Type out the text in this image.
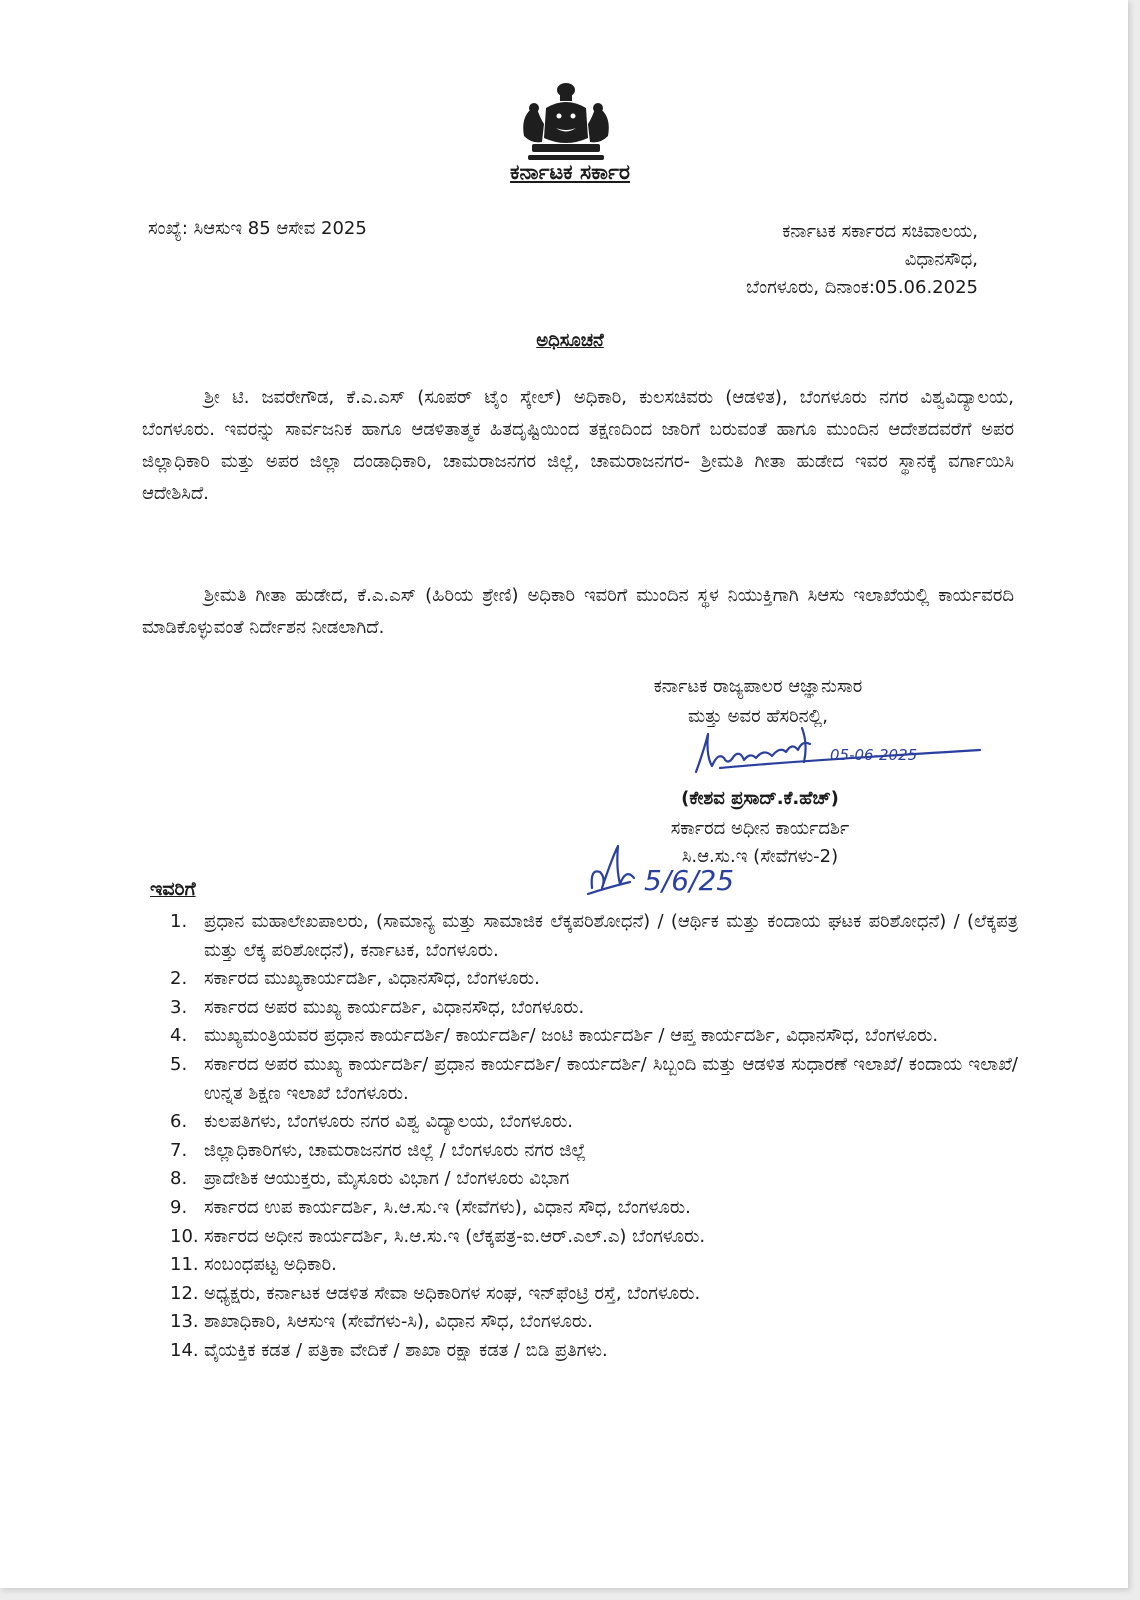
ಕರ್ನಾಟಕ ಸರ್ಕಾರ
ಸಂಖ್ಯೆ: ಸಿಆಸುಇ 85 ಆಸೇವ 2025	ಕರ್ನಾಟಕ ಸರ್ಕಾರದ ಸಚಿವಾಲಯ,
ವಿಧಾನಸೌಧ,
ಬೆಂಗಳೂರು, ದಿನಾಂಕ:05.06.2025
ಅಧಿಸೂಚನೆ
ಶ್ರೀ ಟಿ. ಜವರೇಗೌಡ, ಕೆ.ಎ.ಎಸ್ (ಸೂಪರ್ ಟೈಂ ಸ್ಕೇಲ್) ಅಧಿಕಾರಿ, ಕುಲಸಚಿವರು (ಆಡಳಿತ), ಬೆಂಗಳೂರು ನಗರ ವಿಶ್ವವಿದ್ಯಾಲಯ, ಬೆಂಗಳೂರು. ಇವರನ್ನು ಸಾರ್ವಜನಿಕ ಹಾಗೂ ಆಡಳಿತಾತ್ಮಕ ಹಿತದೃಷ್ಟಿಯಿಂದ ತಕ್ಷಣದಿಂದ ಜಾರಿಗೆ ಬರುವಂತೆ ಹಾಗೂ ಮುಂದಿನ ಆದೇಶದವರೆಗೆ ಅಪರ ಜಿಲ್ಲಾಧಿಕಾರಿ ಮತ್ತು ಅಪರ ಜಿಲ್ಲಾ ದಂಡಾಧಿಕಾರಿ, ಚಾಮರಾಜನಗರ ಜಿಲ್ಲೆ, ಚಾಮರಾಜನಗರ- ಶ್ರೀಮತಿ ಗೀತಾ ಹುಡೇದ ಇವರ ಸ್ಥಾನಕ್ಕೆ ವರ್ಗಾಯಿಸಿ ಆದೇಶಿಸಿದೆ.
ಶ್ರೀಮತಿ ಗೀತಾ ಹುಡೇದ, ಕೆ.ಎ.ಎಸ್ (ಹಿರಿಯ ಶ್ರೇಣಿ) ಅಧಿಕಾರಿ ಇವರಿಗೆ ಮುಂದಿನ ಸ್ಥಳ ನಿಯುಕ್ತಿಗಾಗಿ ಸಿಆಸು ಇಲಾಖೆಯಲ್ಲಿ ಕಾರ್ಯವರದಿ ಮಾಡಿಕೊಳ್ಳುವಂತೆ ನಿರ್ದೇಶನ ನೀಡಲಾಗಿದೆ.
ಕರ್ನಾಟಕ ರಾಜ್ಯಪಾಲರ ಆಜ್ಞಾನುಸಾರ
ಮತ್ತು ಅವರ ಹೆಸರಿನಲ್ಲಿ,
05-06-2025
(ಕೇಶವ ಪ್ರಸಾದ್.ಕೆ.ಹೆಚ್)
ಸರ್ಕಾರದ ಅಧೀನ ಕಾರ್ಯದರ್ಶಿ
ಸಿ.ಆ.ಸು.ಇ (ಸೇವೆಗಳು-2)
5/6/25
ಇವರಿಗೆ
1. ಪ್ರಧಾನ ಮಹಾಲೇಖಪಾಲರು, (ಸಾಮಾನ್ಯ ಮತ್ತು ಸಾಮಾಜಿಕ ಲೆಕ್ಕಪರಿಶೋಧನೆ) / (ಆರ್ಥಿಕ ಮತ್ತು ಕಂದಾಯ ಘಟಕ ಪರಿಶೋಧನೆ) / (ಲೆಕ್ಕಪತ್ರ ಮತ್ತು ಲೆಕ್ಕ ಪರಿಶೋಧನೆ), ಕರ್ನಾಟಕ, ಬೆಂಗಳೂರು.
2. ಸರ್ಕಾರದ ಮುಖ್ಯಕಾರ್ಯದರ್ಶಿ, ವಿಧಾನಸೌಧ, ಬೆಂಗಳೂರು.
3. ಸರ್ಕಾರದ ಅಪರ ಮುಖ್ಯ ಕಾರ್ಯದರ್ಶಿ, ವಿಧಾನಸೌಧ, ಬೆಂಗಳೂರು.
4. ಮುಖ್ಯಮಂತ್ರಿಯವರ ಪ್ರಧಾನ ಕಾರ್ಯದರ್ಶಿ/ ಕಾರ್ಯದರ್ಶಿ/ ಜಂಟಿ ಕಾರ್ಯದರ್ಶಿ / ಆಪ್ತ ಕಾರ್ಯದರ್ಶಿ, ವಿಧಾನಸೌಧ, ಬೆಂಗಳೂರು.
5. ಸರ್ಕಾರದ ಅಪರ ಮುಖ್ಯ ಕಾರ್ಯದರ್ಶಿ/ ಪ್ರಧಾನ ಕಾರ್ಯದರ್ಶಿ/ ಕಾರ್ಯದರ್ಶಿ/ ಸಿಬ್ಬಂದಿ ಮತ್ತು ಆಡಳಿತ ಸುಧಾರಣೆ ಇಲಾಖೆ/ ಕಂದಾಯ ಇಲಾಖೆ/ ಉನ್ನತ ಶಿಕ್ಷಣ ಇಲಾಖೆ ಬೆಂಗಳೂರು.
6. ಕುಲಪತಿಗಳು, ಬೆಂಗಳೂರು ನಗರ ವಿಶ್ವ ವಿದ್ಯಾಲಯ, ಬೆಂಗಳೂರು.
7. ಜಿಲ್ಲಾಧಿಕಾರಿಗಳು, ಚಾಮರಾಜನಗರ ಜಿಲ್ಲೆ / ಬೆಂಗಳೂರು ನಗರ ಜಿಲ್ಲೆ
8. ಪ್ರಾದೇಶಿಕ ಆಯುಕ್ತರು, ಮೈಸೂರು ವಿಭಾಗ / ಬೆಂಗಳೂರು ವಿಭಾಗ
9. ಸರ್ಕಾರದ ಉಪ ಕಾರ್ಯದರ್ಶಿ, ಸಿ.ಆ.ಸು.ಇ (ಸೇವೆಗಳು), ವಿಧಾನ ಸೌಧ, ಬೆಂಗಳೂರು.
10. ಸರ್ಕಾರದ ಅಧೀನ ಕಾರ್ಯದರ್ಶಿ, ಸಿ.ಆ.ಸು.ಇ (ಲೆಕ್ಕಪತ್ರ-ಐ.ಆರ್.ಎಲ್.ಎ) ಬೆಂಗಳೂರು.
11. ಸಂಬಂಧಪಟ್ಟ ಅಧಿಕಾರಿ.
12. ಅಧ್ಯಕ್ಷರು, ಕರ್ನಾಟಕ ಆಡಳಿತ ಸೇವಾ ಅಧಿಕಾರಿಗಳ ಸಂಘ, ಇನ್‌ಫೆಂಟ್ರಿ ರಸ್ತೆ, ಬೆಂಗಳೂರು.
13. ಶಾಖಾಧಿಕಾರಿ, ಸಿಆಸುಇ (ಸೇವೆಗಳು-ಸಿ), ವಿಧಾನ ಸೌಧ, ಬೆಂಗಳೂರು.
14. ವೈಯಕ್ತಿಕ ಕಡತ / ಪತ್ರಿಕಾ ವೇದಿಕೆ / ಶಾಖಾ ರಕ್ಷಾ ಕಡತ / ಬಿಡಿ ಪ್ರತಿಗಳು.
